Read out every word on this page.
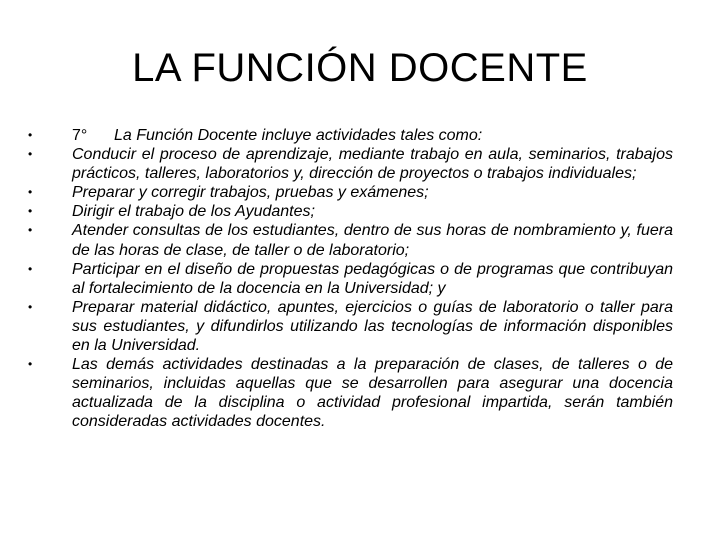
LA FUNCIÓN DOCENTE
•	7° La Función Docente incluye actividades tales como:
•	Conducir el proceso de aprendizaje, mediante trabajo en aula, seminarios, trabajos prácticos, talleres, laboratorios y, dirección de proyectos o trabajos individuales;
•	Preparar y corregir trabajos, pruebas y exámenes;
•	Dirigir el trabajo de los Ayudantes;
•	Atender consultas de los estudiantes, dentro de sus horas de nombramiento y, fuera de las horas de clase, de taller o de laboratorio;
•	Participar en el diseño de propuestas pedagógicas o de programas que contribuyan al fortalecimiento de la docencia en la Universidad; y
•	Preparar material didáctico, apuntes, ejercicios o guías de laboratorio o taller para sus estudiantes, y difundirlos utilizando las tecnologías de información disponibles en la Universidad.
•	Las demás actividades destinadas a la preparación de clases, de talleres o de seminarios, incluidas aquellas que se desarrollen para asegurar una docencia actualizada de la disciplina o actividad profesional impartida, serán también consideradas actividades docentes.
